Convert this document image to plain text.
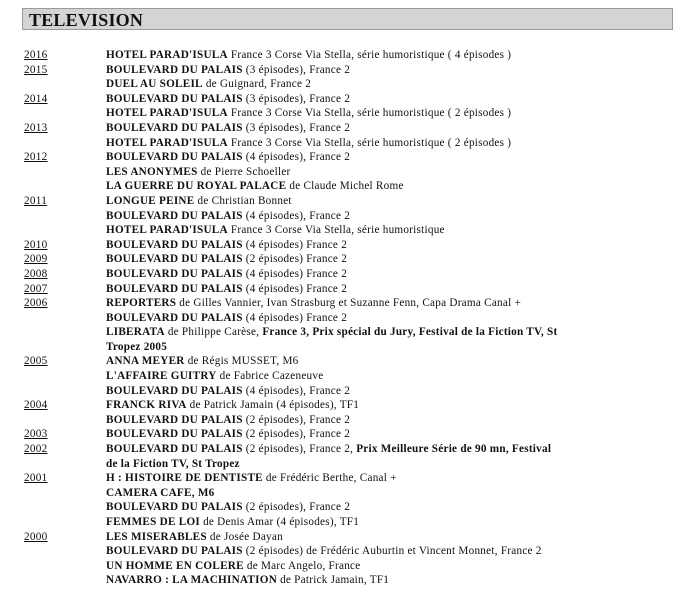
TELEVISION
2016	HOTEL PARAD'ISULA France 3 Corse Via Stella, série humoristique ( 4 épisodes )
2015	BOULEVARD DU PALAIS (3 épisodes), France 2
DUEL AU SOLEIL de Guignard, France 2
2014	BOULEVARD DU PALAIS (3 épisodes), France 2
HOTEL PARAD'ISULA France 3 Corse Via Stella, série humoristique ( 2 épisodes )
2013	BOULEVARD DU PALAIS (3 épisodes), France 2
HOTEL PARAD'ISULA France 3 Corse Via Stella, série humoristique ( 2 épisodes )
2012	BOULEVARD DU PALAIS (4 épisodes), France 2
LES ANONYMES de Pierre Schoeller
LA GUERRE DU ROYAL PALACE de Claude Michel Rome
2011	LONGUE PEINE de Christian Bonnet
BOULEVARD DU PALAIS (4 épisodes), France 2
HOTEL PARAD'ISULA France 3 Corse Via Stella, série humoristique
2010	BOULEVARD DU PALAIS (4 épisodes) France 2
2009	BOULEVARD DU PALAIS (2 épisodes) France 2
2008	BOULEVARD DU PALAIS (4 épisodes) France 2
2007	BOULEVARD DU PALAIS (4 épisodes) France 2
2006	REPORTERS de Gilles Vannier, Ivan Strasburg et Suzanne Fenn, Capa Drama Canal +
BOULEVARD DU PALAIS (4 épisodes) France 2
LIBERATA de Philippe Carèse, France 3, Prix spécial du Jury, Festival de la Fiction TV, St
Tropez 2005
2005	ANNA MEYER de Régis MUSSET, M6
L'AFFAIRE GUITRY de Fabrice Cazeneuve
BOULEVARD DU PALAIS (4 épisodes), France 2
2004	FRANCK RIVA de Patrick Jamain (4 épisodes), TF1
BOULEVARD DU PALAIS (2 épisodes), France 2
2003	BOULEVARD DU PALAIS (2 épisodes), France 2
2002	BOULEVARD DU PALAIS (2 épisodes), France 2, Prix Meilleure Série de 90 mn, Festival
de la Fiction TV, St Tropez
2001	H : HISTOIRE DE DENTISTE de Frédéric Berthe, Canal +
CAMERA CAFE, M6
BOULEVARD DU PALAIS (2 épisodes), France 2
FEMMES DE LOI de Denis Amar (4 épisodes), TF1
2000	LES MISERABLES de Josée Dayan
BOULEVARD DU PALAIS (2 épisodes) de Frédéric Auburtin et Vincent Monnet, France 2
UN HOMME EN COLERE de Marc Angelo, France
NAVARRO : LA MACHINATION de Patrick Jamain, TF1
